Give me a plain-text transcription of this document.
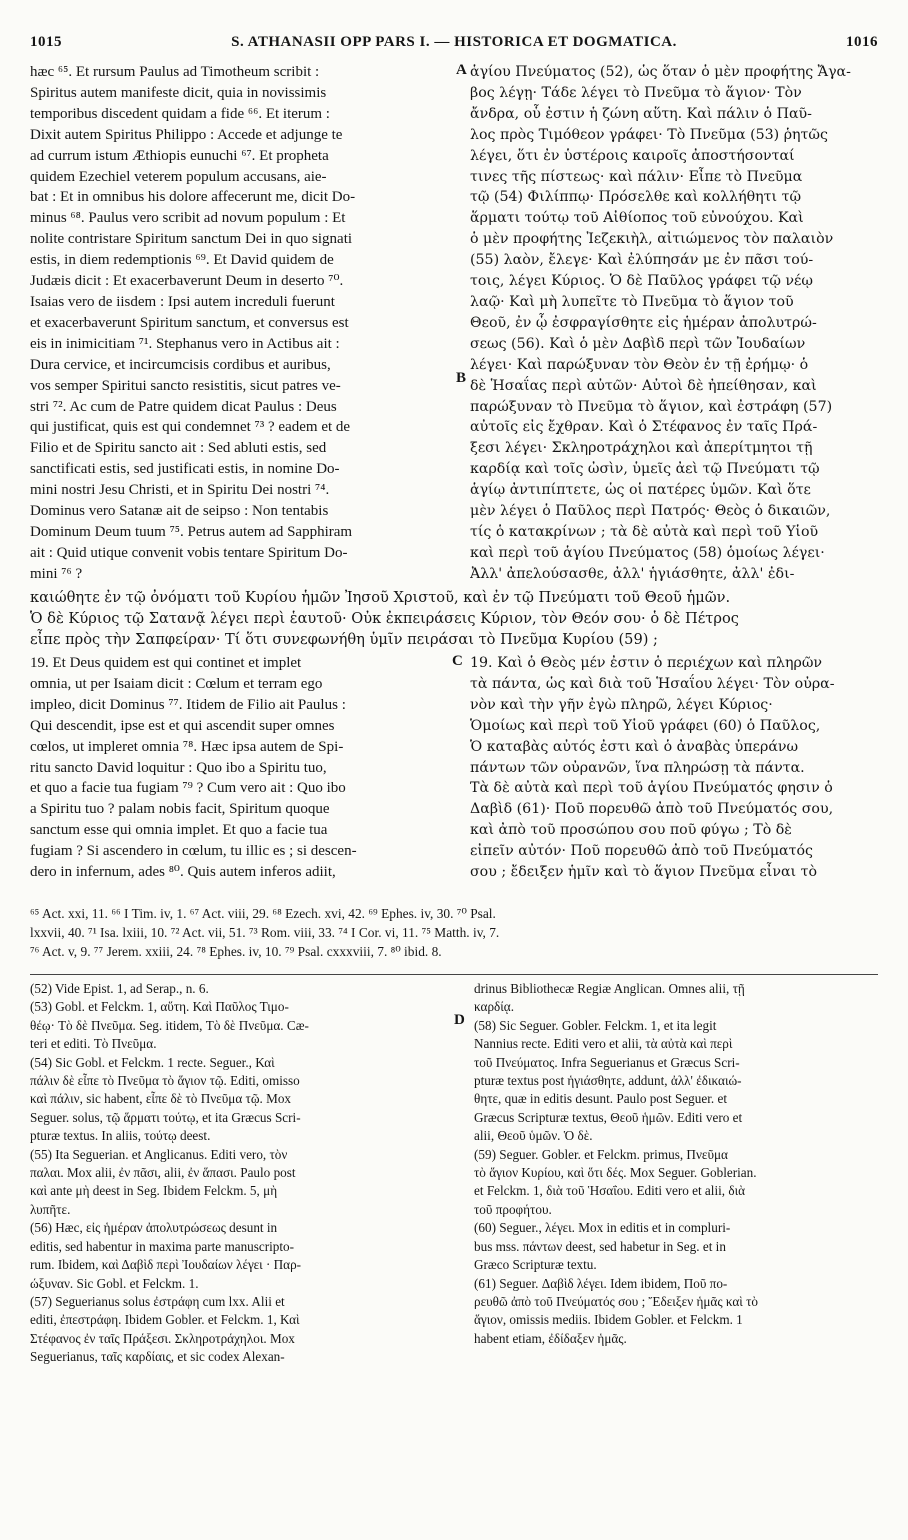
1015	S. ATHANASII OPP PARS I. — HISTORICA ET DOGMATICA.	1016
hæc ⁶⁵. Et rursum Paulus ad Timotheum scribit :
Spiritus autem manifeste dicit, quia in novissimis
temporibus discedent quidam a fide ⁶⁶. Et iterum :
Dixit autem Spiritus Philippo : Accede et adjunge te
ad currum istum Æthiopis eunuchi ⁶⁷. Et propheta
quidem Ezechiel veterem populum accusans, aie-
bat : Et in omnibus his dolore affecerunt me, dicit Do-
minus ⁶⁸. Paulus vero scribit ad novum populum : Et
nolite contristare Spiritum sanctum Dei in quo signati
estis, in diem redemptionis ⁶⁹. Et David quidem de
Judæis dicit : Et exacerbaverunt Deum in deserto ⁷⁰.
Isaias vero de iisdem : Ipsi autem increduli fuerunt
et exacerbaverunt Spiritum sanctum, et conversus est
eis in inimicitiam ⁷¹. Stephanus vero in Actibus ait :
Dura cervice, et incircumcisis cordibus et auribus,
vos semper Spiritui sancto resistitis, sicut patres ve-
stri ⁷². Ac cum de Patre quidem dicat Paulus : Deus
qui justificat, quis est qui condemnet ⁷³ ? eadem et de
Filio et de Spiritu sancto ait : Sed abluti estis, sed
sanctificati estis, sed justificati estis, in nomine Do-
mini nostri Jesu Christi, et in Spiritu Dei nostri ⁷⁴.
Dominus vero Satanæ ait de seipso : Non tentabis
Dominum Deum tuum ⁷⁵. Petrus autem ad Sapphiram
ait : Quid utique convenit vobis tentare Spiritum Do-
mini ⁷⁶ ?
A
B
ἁγίου Πνεύματος (52), ὡς ὅταν ὁ μὲν προφήτης Ἄγα-
βος λέγῃ· Τάδε λέγει τὸ Πνεῦμα τὸ ἅγιον· Τὸν
ἄνδρα, οὗ ἐστιν ἡ ζώνη αὕτη. Καὶ πάλιν ὁ Παῦ-
λος πρὸς Τιμόθεον γράφει· Τὸ Πνεῦμα (53) ῥητῶς
λέγει, ὅτι ἐν ὑστέροις καιροῖς ἀποστήσονταί
τινες τῆς πίστεως· καὶ πάλιν· Εἶπε τὸ Πνεῦμα
τῷ (54) Φιλίππῳ· Πρόσελθε καὶ κολλήθητι τῷ
ἅρματι τούτῳ τοῦ Αἰθίοπος τοῦ εὐνούχου. Καὶ
ὁ μὲν προφήτης Ἰεζεκιὴλ, αἰτιώμενος τὸν παλαιὸν
(55) λαὸν, ἔλεγε· Καὶ ἐλύπησάν με ἐν πᾶσι τού-
τοις, λέγει Κύριος. Ὁ δὲ Παῦλος γράφει τῷ νέῳ
λαῷ· Καὶ μὴ λυπεῖτε τὸ Πνεῦμα τὸ ἅγιον τοῦ
Θεοῦ, ἐν ᾧ ἐσφραγίσθητε εἰς ἡμέραν ἀπολυτρώ-
σεως (56). Καὶ ὁ μὲν Δαβὶδ περὶ τῶν Ἰουδαίων
λέγει· Καὶ παρώξυναν τὸν Θεὸν ἐν τῇ ἐρήμῳ· ὁ
δὲ Ἡσαΐας περὶ αὐτῶν· Αὐτοὶ δὲ ἠπείθησαν, καὶ
παρώξυναν τὸ Πνεῦμα τὸ ἅγιον, καὶ ἐστράφη (57)
αὐτοῖς εἰς ἔχθραν. Καὶ ὁ Στέφανος ἐν ταῖς Πρά-
ξεσι λέγει· Σκληροτράχηλοι καὶ ἀπερίτμητοι τῇ
καρδίᾳ καὶ τοῖς ὠσὶν, ὑμεῖς ἀεὶ τῷ Πνεύματι τῷ
ἁγίῳ ἀντιπίπτετε, ὡς οἱ πατέρες ὑμῶν. Καὶ ὅτε
μὲν λέγει ὁ Παῦλος περὶ Πατρός· Θεὸς ὁ δικαιῶν,
τίς ὁ κατακρίνων ; τὰ δὲ αὐτὰ καὶ περὶ τοῦ Υἱοῦ
καὶ περὶ τοῦ ἁγίου Πνεύματος (58) ὁμοίως λέγει·
Ἀλλ' ἀπελούσασθε, ἀλλ' ἡγιάσθητε, ἀλλ' ἐδι-
καιώθητε ἐν τῷ ὀνόματι τοῦ Κυρίου ἡμῶν Ἰησοῦ Χριστοῦ, καὶ ἐν τῷ Πνεύματι τοῦ Θεοῦ ἡμῶν.
Ὁ δὲ Κύριος τῷ Σατανᾷ λέγει περὶ ἑαυτοῦ· Οὐκ ἐκπειράσεις Κύριον, τὸν Θεόν σου· ὁ δὲ Πέτρος
εἶπε πρὸς τὴν Σαπφείραν· Τί ὅτι συνεφωνήθη ὑμῖν πειράσαι τὸ Πνεῦμα Κυρίου (59) ;
C
19. Et Deus quidem est qui continet et implet
omnia, ut per Isaiam dicit : Cœlum et terram ego
impleo, dicit Dominus ⁷⁷. Itidem de Filio ait Paulus :
Qui descendit, ipse est et qui ascendit super omnes
cœlos, ut impleret omnia ⁷⁸. Hæc ipsa autem de Spi-
ritu sancto David loquitur : Quo ibo a Spiritu tuo,
et quo a facie tua fugiam ⁷⁹ ? Cum vero ait : Quo ibo
a Spiritu tuo ? palam nobis facit, Spiritum quoque
sanctum esse qui omnia implet. Et quo a facie tua
fugiam ? Si ascendero in cœlum, tu illic es ; si descen-
dero in infernum, ades ⁸⁰. Quis autem inferos adiit,
19. Καὶ ὁ Θεὸς μέν ἐστιν ὁ περιέχων καὶ πληρῶν
τὰ πάντα, ὡς καὶ διὰ τοῦ Ἡσαΐου λέγει· Τὸν οὐρα-
νὸν καὶ τὴν γῆν ἐγὼ πληρῶ, λέγει Κύριος·
Ὁμοίως καὶ περὶ τοῦ Υἱοῦ γράφει (60) ὁ Παῦλος,
Ὁ καταβὰς αὐτός ἐστι καὶ ὁ ἀναβὰς ὑπεράνω
πάντων τῶν οὐρανῶν, ἵνα πληρώσῃ τὰ πάντα.
Τὰ δὲ αὐτὰ καὶ περὶ τοῦ ἁγίου Πνεύματός φησιν ὁ
Δαβὶδ (61)· Ποῦ πορευθῶ ἀπὸ τοῦ Πνεύματός σου,
καὶ ἀπὸ τοῦ προσώπου σου ποῦ φύγω ; Τὸ δὲ
εἰπεῖν αὐτόν· Ποῦ πορευθῶ ἀπὸ τοῦ Πνεύματός
σου ; ἔδειξεν ἡμῖν καὶ τὸ ἅγιον Πνεῦμα εἶναι τὸ
⁶⁵ Act. xxi, 11. ⁶⁶ I Tim. iv, 1. ⁶⁷ Act. viii, 29. ⁶⁸ Ezech. xvi, 42. ⁶⁹ Ephes. iv, 30. ⁷⁰ Psal.
lxxvii, 40. ⁷¹ Isa. lxiii, 10. ⁷² Act. vii, 51. ⁷³ Rom. viii, 33. ⁷⁴ I Cor. vi, 11. ⁷⁵ Matth. iv, 7.
⁷⁶ Act. v, 9. ⁷⁷ Jerem. xxiii, 24. ⁷⁸ Ephes. iv, 10. ⁷⁹ Psal. cxxxviii, 7. ⁸⁰ ibid. 8.
D
(52) Vide Epist. 1, ad Serap., n. 6.
(53) Gobl. et Felckm. 1, αὕτη. Καὶ Παῦλος Τιμο-
θέῳ· Τὸ δὲ Πνεῦμα. Seg. itidem, Τὸ δὲ Πνεῦμα. Cæ-
teri et editi. Τὸ Πνεῦμα.
(54) Sic Gobl. et Felckm. 1 recte. Seguer., Καὶ
πάλιν δὲ εἶπε τὸ Πνεῦμα τὸ ἅγιον τῷ. Editi, omisso
καὶ πάλιν, sic habent, εἶπε δὲ τὸ Πνεῦμα τῷ. Mox
Seguer. solus, τῷ ἅρματι τούτῳ, et ita Græcus Scri-
pturæ textus. In aliis, τούτῳ deest.
(55) Ita Seguerian. et Anglicanus. Editi vero, τὸν
παλαι. Mox alii, ἐν πᾶσι, alii, ἐν ἅπασι. Paulo post
καὶ ante μὴ deest in Seg. Ibidem Felckm. 5, μὴ
λυπῆτε.
(56) Hæc, εἰς ἡμέραν ἀπολυτρώσεως desunt in
editis, sed habentur in maxima parte manuscripto-
rum. Ibidem, καὶ Δαβὶδ περὶ Ἰουδαίων λέγει · Παρ-
ώξυναν. Sic Gobl. et Felckm. 1.
(57) Seguerianus solus ἐστράφη cum lxx. Alii et
editi, ἐπεστράφη. Ibidem Gobler. et Felckm. 1, Καὶ
Στέφανος ἐν ταῖς Πράξεσι. Σκληροτράχηλοι. Mox
Seguerianus, ταῖς καρδίαις, et sic codex Alexan-
drinus Bibliothecæ Regiæ Anglican. Omnes alii, τῇ
καρδίᾳ.
(58) Sic Seguer. Gobler. Felckm. 1, et ita legit
Nannius recte. Editi vero et alii, τὰ αὐτὰ καὶ περὶ
τοῦ Πνεύματος. Infra Seguerianus et Græcus Scri-
pturæ textus post ἡγιάσθητε, addunt, ἀλλ' ἐδικαιώ-
θητε, quæ in editis desunt. Paulo post Seguer. et
Græcus Scripturæ textus, Θεοῦ ἡμῶν. Editi vero et
alii, Θεοῦ ὑμῶν. Ὁ δὲ.
(59) Seguer. Gobler. et Felckm. primus, Πνεῦμα
τὸ ἅγιον Κυρίου, καὶ ὅτι δές. Mox Seguer. Goblerian.
et Felckm. 1, διὰ τοῦ Ἡσαΐου. Editi vero et alii, διὰ
τοῦ προφήτου.
(60) Seguer., λέγει. Mox in editis et in compluri-
bus mss. πάντων deest, sed habetur in Seg. et in
Græco Scripturæ textu.
(61) Seguer. Δαβὶδ λέγει. Idem ibidem, Ποῦ πο-
ρευθῶ ἀπὸ τοῦ Πνεύματός σου ; Ἔδειξεν ἡμᾶς καὶ τὸ
ἅγιον, omissis mediis. Ibidem Gobler. et Felckm. 1
habent etiam, ἐδίδαξεν ἡμᾶς.
